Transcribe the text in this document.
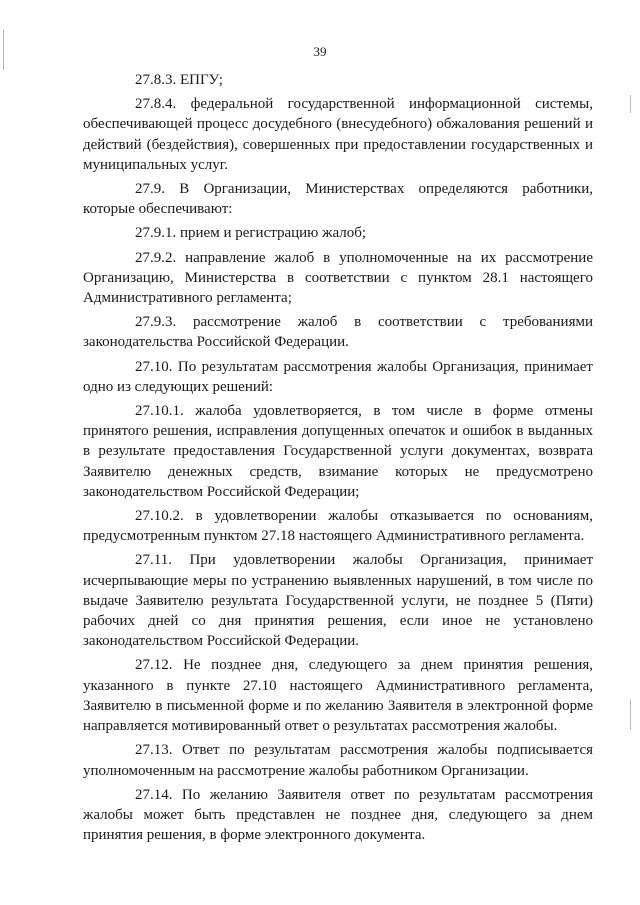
39

27.8.3. ЕПГУ;

27.8.4. федеральной государственной информационной системы, обеспечивающей процесс досудебного (внесудебного) обжалования решений и действий (бездействия), совершенных при предоставлении государственных и муниципальных услуг.

27.9. В Организации, Министерствах определяются работники, которые обеспечивают:

27.9.1. прием и регистрацию жалоб;

27.9.2. направление жалоб в уполномоченные на их рассмотрение Организацию, Министерства в соответствии с пунктом 28.1 настоящего Административного регламента;

27.9.3. рассмотрение жалоб в соответствии с требованиями законодательства Российской Федерации.

27.10. По результатам рассмотрения жалобы Организация, принимает одно из следующих решений:

27.10.1. жалоба удовлетворяется, в том числе в форме отмены принятого решения, исправления допущенных опечаток и ошибок в выданных в результате предоставления Государственной услуги документах, возврата Заявителю денежных средств, взимание которых не предусмотрено законодательством Российской Федерации;

27.10.2. в удовлетворении жалобы отказывается по основаниям, предусмотренным пунктом 27.18 настоящего Административного регламента.

27.11. При удовлетворении жалобы Организация, принимает исчерпывающие меры по устранению выявленных нарушений, в том числе по выдаче Заявителю результата Государственной услуги, не позднее 5 (Пяти) рабочих дней со дня принятия решения, если иное не установлено законодательством Российской Федерации.

27.12. Не позднее дня, следующего за днем принятия решения, указанного в пункте 27.10 настоящего Административного регламента, Заявителю в письменной форме и по желанию Заявителя в электронной форме направляется мотивированный ответ о результатах рассмотрения жалобы.

27.13. Ответ по результатам рассмотрения жалобы подписывается уполномоченным на рассмотрение жалобы работником Организации.

27.14. По желанию Заявителя ответ по результатам рассмотрения жалобы может быть представлен не позднее дня, следующего за днем принятия решения, в форме электронного документа.
